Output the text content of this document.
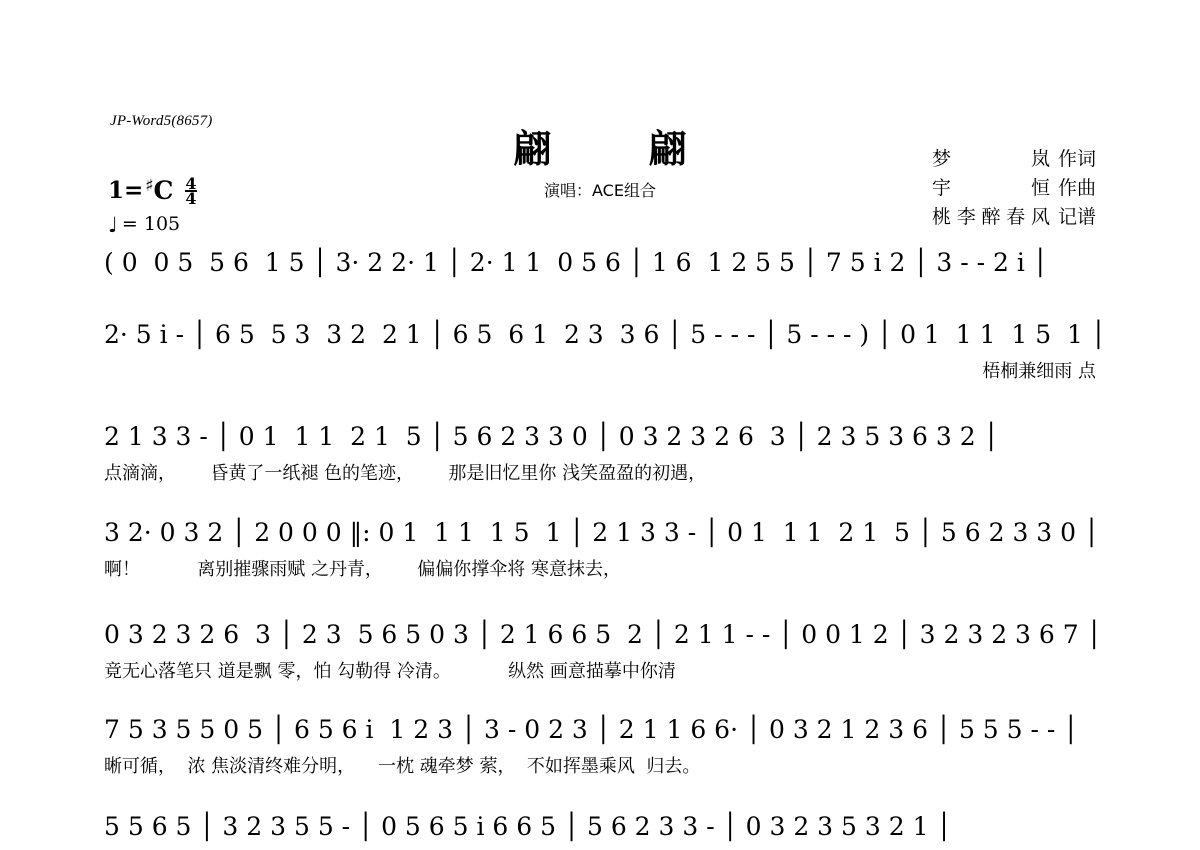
JP-Word5(8657)
翩 翩
演唱：ACE组合
梦岚 作词
宇恒 作曲
桃李醉春风 记谱
1= ♯ C $\frac{4}{4}$
♩ = 105
( 0  0 5  5 6  1 5 │ 3· 2 2· 1 │ 2· 1 1  0 5 6 │ 1 6  1 2 5 5 │ 7 5 i 2 │ 3 - - 2 i │
2· 5 i - │ 6 5  5 3  3 2  2 1 │ 6 5  6 1  2 3  3 6 │ 5 - - - │ 5 - - - ) │ 0 1  1 1  1 5  1 │
梧桐兼细雨 点
2 1 3 3 - │ 0 1  1 1  2 1  5 │ 5 6 2 3 3 0 │ 0 3 2 3 2 6  3 │ 2 3 5 3 6 3 2 │
点滴滴，      昏黄了一纸褪 色的笔迹，      那是旧忆里你 浅笑盈盈的初遇，
3 2· 0 3 2 │ 2 0 0 0 ‖: 0 1  1 1  1 5  1 │ 2 1 3 3 - │ 0 1  1 1  2 1  5 │ 5 6 2 3 3 0 │
啊！          离别摧骤雨赋 之丹青，      偏偏你撑伞将 寒意抹去，
0 3 2 3 2 6  3 │ 2 3  5 6 5 0 3 │ 2 1 6 6 5  2 │ 2 1 1 - - │ 0 0 1 2 │ 3 2 3 2 3 6 7 │
竟无心落笔只 道是飘 零，怕 勾勒得 冷清。          纵然 画意描摹中你清
7 5 3 5 5 0 5 │ 6 5 6 i  1 2 3 │ 3 - 0 2 3 │ 2 1 1 6 6· │ 0 3 2 1 2 3 6 │ 5 5 5 - - │
晰可循，  浓 焦淡清终难分明，    一枕 魂牵梦 萦，  不如挥墨乘风  归去。
5 5 6 5 │ 3 2 3 5 5 - │ 0 5 6 5 i 6 6 5 │ 5 6 2 3 3 - │ 0 3 2 3 5 3 2 1 │
